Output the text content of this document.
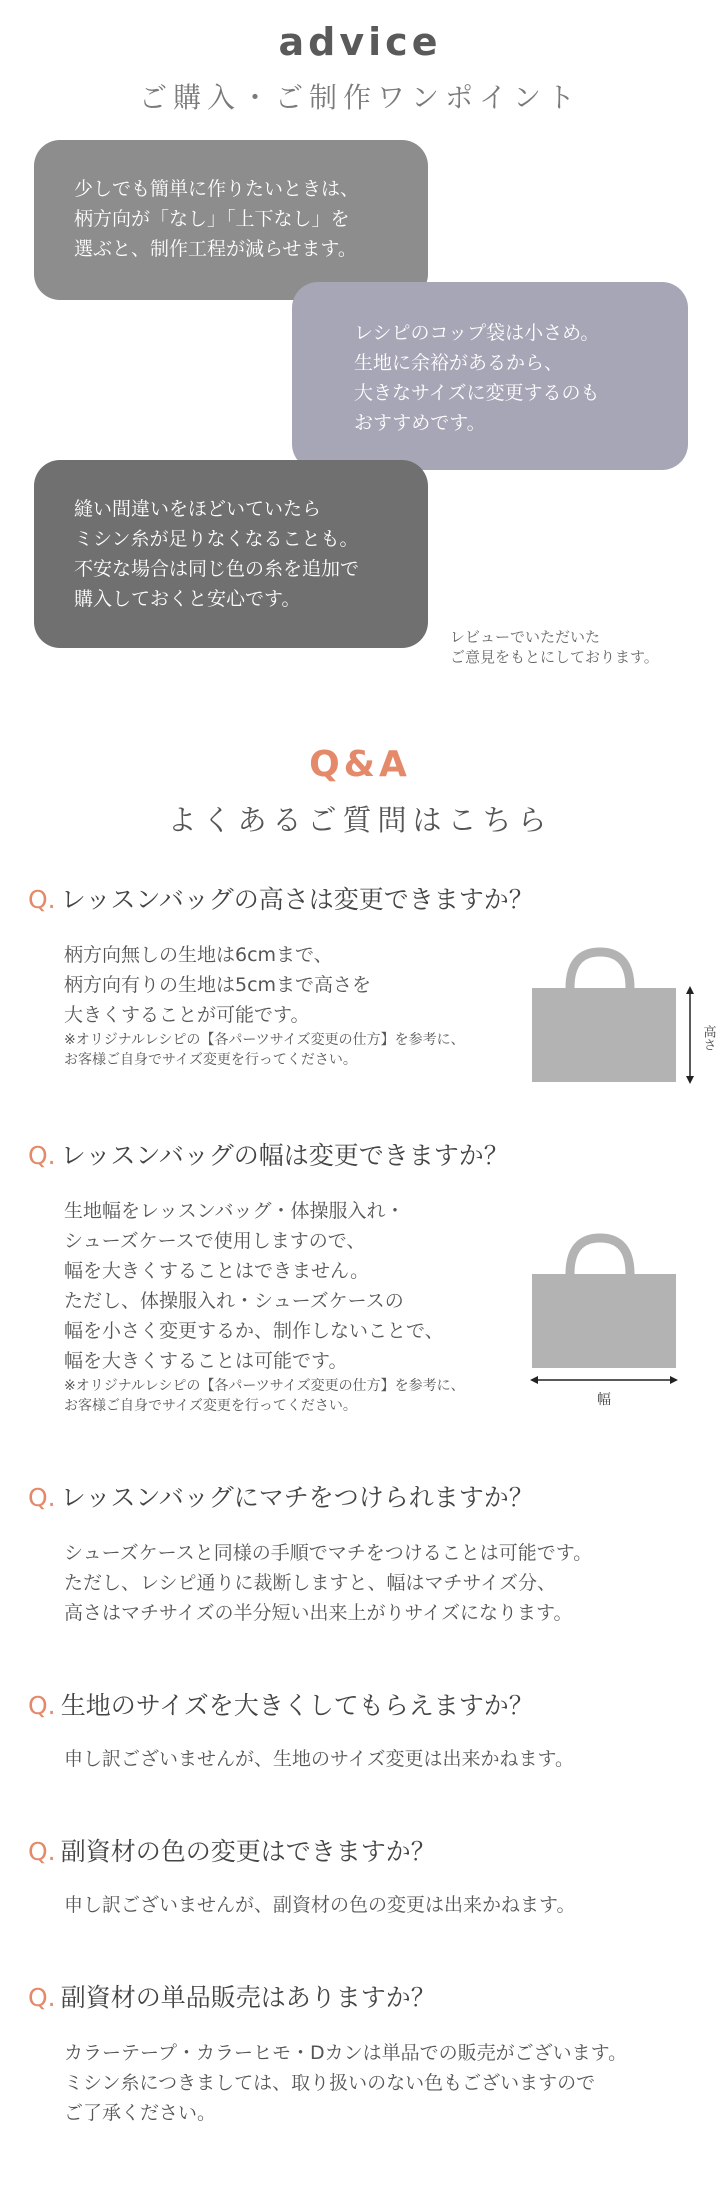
advice
ご購入・ご制作ワンポイント
少しでも簡単に作りたいときは、
柄方向が「なし」「上下なし」を
選ぶと、制作工程が減らせます。
レシピのコップ袋は小さめ。
生地に余裕があるから、
大きなサイズに変更するのも
おすすめです。
縫い間違いをほどいていたら
ミシン糸が足りなくなることも。
不安な場合は同じ色の糸を追加で
購入しておくと安心です。
レビューでいただいた
ご意見をもとにしております。
Q&A
よくあるご質問はこちら
Q. レッスンバッグの高さは変更できますか？
柄方向無しの生地は6cmまで、
柄方向有りの生地は5cmまで高さを
大きくすることが可能です。
※オリジナルレシピの【各パーツサイズ変更の仕方】を参考に、
お客様ご自身でサイズ変更を行ってください。
高さ
Q. レッスンバッグの幅は変更できますか？
生地幅をレッスンバッグ・体操服入れ・
シューズケースで使用しますので、
幅を大きくすることはできません。
ただし、体操服入れ・シューズケースの
幅を小さく変更するか、制作しないことで、
幅を大きくすることは可能です。
※オリジナルレシピの【各パーツサイズ変更の仕方】を参考に、
お客様ご自身でサイズ変更を行ってください。	幅
Q. レッスンバッグにマチをつけられますか？
シューズケースと同様の手順でマチをつけることは可能です。
ただし、レシピ通りに裁断しますと、幅はマチサイズ分、
高さはマチサイズの半分短い出来上がりサイズになります。
Q. 生地のサイズを大きくしてもらえますか？
申し訳ございませんが、生地のサイズ変更は出来かねます。
Q. 副資材の色の変更はできますか？
申し訳ございませんが、副資材の色の変更は出来かねます。
Q. 副資材の単品販売はありますか？
カラーテープ・カラーヒモ・Dカンは単品での販売がございます。
ミシン糸につきましては、取り扱いのない色もございますので
ご了承ください。
